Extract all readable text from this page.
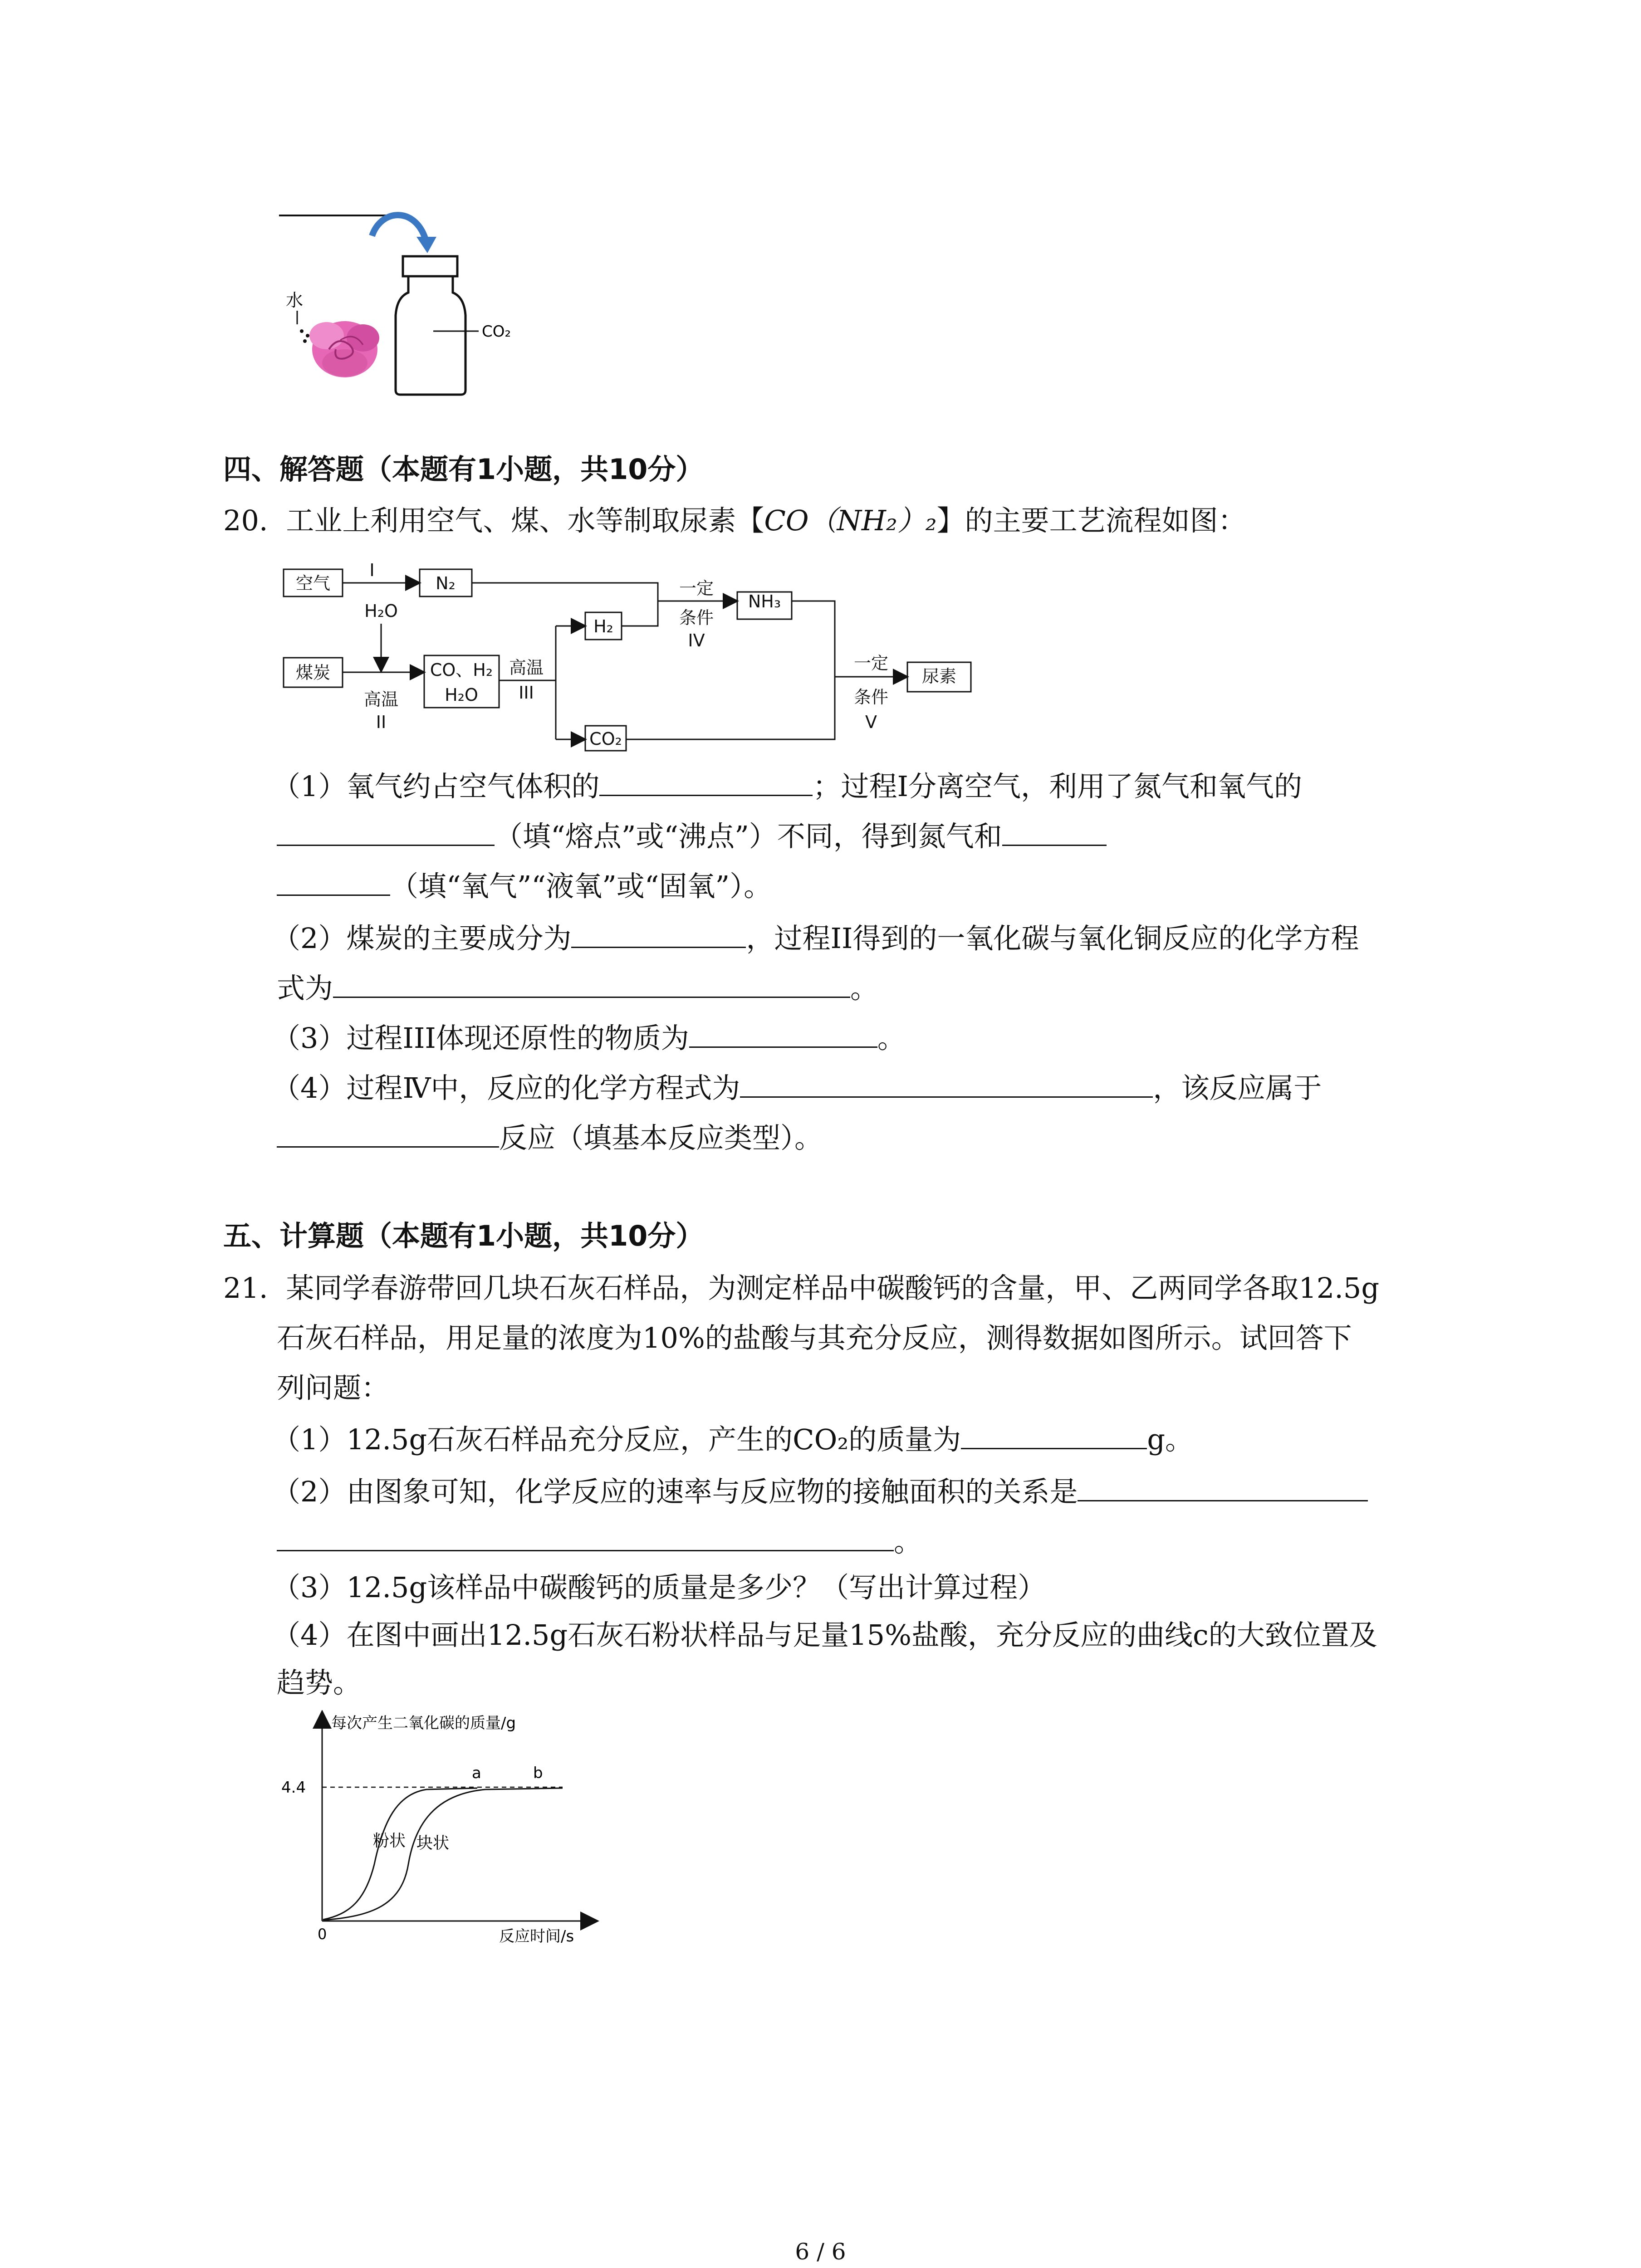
CO₂
水
四、解答题（本题有1小题，共10分）
20. 工业上利用空气、煤、水等制取尿素【CO（NH₂）₂】的主要工艺流程如图：
空气
I
N₂
H₂O
煤炭
高温
II
CO、H₂
H₂O
高温
III
H₂
CO₂
一定
条件
IV
NH₃
一定
条件
V
尿素
（1）氧气约占空气体积的	；过程Ⅰ分离空气，利用了氮气和氧气的
（填“熔点”或“沸点”）不同，得到氮气和
（填“氧气”“液氧”或“固氧”）。
（2）煤炭的主要成分为	，过程II得到的一氧化碳与氧化铜反应的化学方程
式为	。
（3）过程III体现还原性的物质为	。
（4）过程Ⅳ中，反应的化学方程式为	，该反应属于
反应（填基本反应类型）。
五、计算题（本题有1小题，共10分）
21. 某同学春游带回几块石灰石样品，为测定样品中碳酸钙的含量，甲、乙两同学各取12.5g
石灰石样品，用足量的浓度为10%的盐酸与其充分反应，测得数据如图所示。试回答下
列问题：
（1）12.5g石灰石样品充分反应，产生的CO₂的质量为	g。
（2）由图象可知，化学反应的速率与反应物的接触面积的关系是
。
（3）12.5g该样品中碳酸钙的质量是多少？（写出计算过程）
（4）在图中画出12.5g石灰石粉状样品与足量15%盐酸，充分反应的曲线c的大致位置及
趋势。
每次产生二氧化碳的质量/g
反应时间/s
0
4.4
粉状 块状
a	b
6 / 6
